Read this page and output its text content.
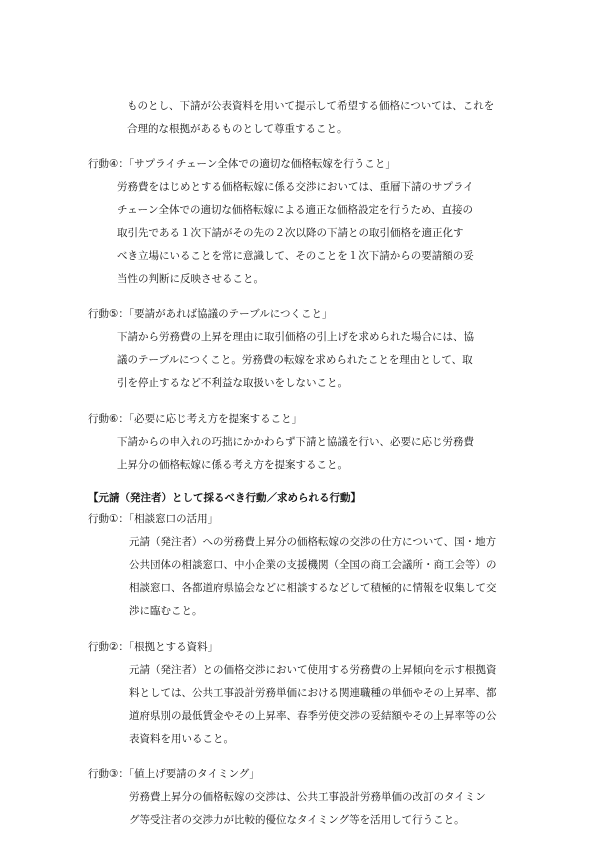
ものとし、下請が公表資料を用いて提示して希望する価格については、これを
合理的な根拠があるものとして尊重すること。
行動④：「サプライチェーン全体での適切な価格転嫁を行うこと」
労務費をはじめとする価格転嫁に係る交渉においては、重層下請のサプライ
チェーン全体での適切な価格転嫁による適正な価格設定を行うため、直接の
取引先である１次下請がその先の２次以降の下請との取引価格を適正化す
べき立場にいることを常に意識して、そのことを１次下請からの要請額の妥
当性の判断に反映させること。
行動⑤：「要請があれば協議のテーブルにつくこと」
下請から労務費の上昇を理由に取引価格の引上げを求められた場合には、協
議のテーブルにつくこと。労務費の転嫁を求められたことを理由として、取
引を停止するなど不利益な取扱いをしないこと。
行動⑥：「必要に応じ考え方を提案すること」
下請からの申入れの巧拙にかかわらず下請と協議を行い、必要に応じ労務費
上昇分の価格転嫁に係る考え方を提案すること。
【元請（発注者）として採るべき行動／求められる行動】
行動①：「相談窓口の活用」
元請（発注者）への労務費上昇分の価格転嫁の交渉の仕方について、国・地方
公共団体の相談窓口、中小企業の支援機関（全国の商工会議所・商工会等）の
相談窓口、各都道府県協会などに相談するなどして積極的に情報を収集して交
渉に臨むこと。
行動②：「根拠とする資料」
元請（発注者）との価格交渉において使用する労務費の上昇傾向を示す根拠資
料としては、公共工事設計労務単価における関連職種の単価やその上昇率、都
道府県別の最低賃金やその上昇率、春季労使交渉の妥結額やその上昇率等の公
表資料を用いること。
行動③：「値上げ要請のタイミング」
労務費上昇分の価格転嫁の交渉は、公共工事設計労務単価の改訂のタイミン
グ等受注者の交渉力が比較的優位なタイミング等を活用して行うこと。
